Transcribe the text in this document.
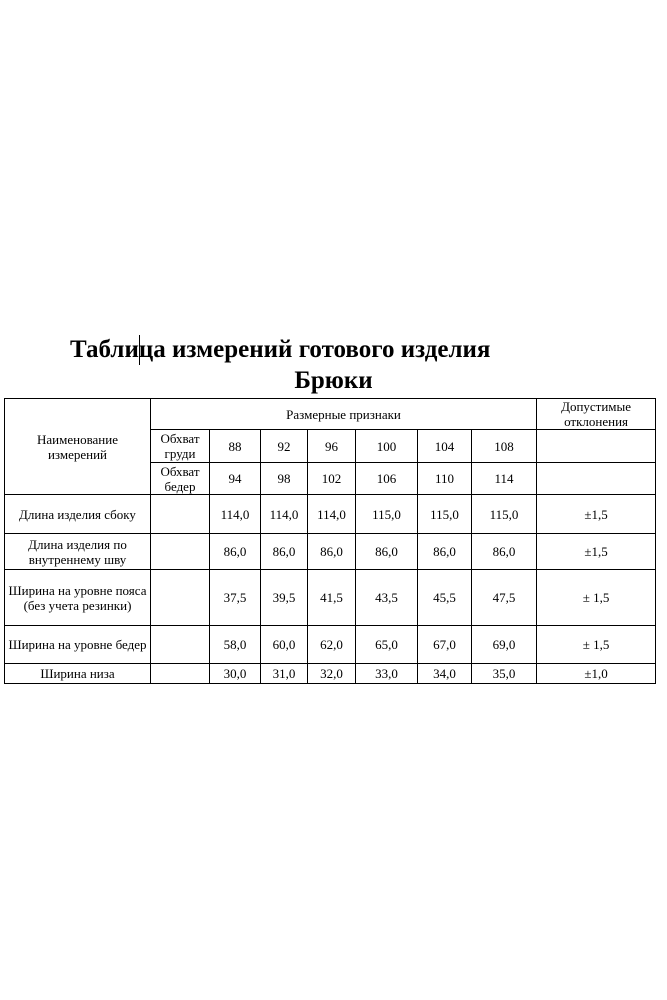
Таблица измерений готового изделия
Брюки
Наименование измерений	Размерные признаки							Допустимые отклонения
	Обхват груди	88	92	96	100	104	108	
	Обхват бедер	94	98	102	106	110	114	
Длина изделия сбоку		114,0	114,0	114,0	115,0	115,0	115,0	±1,5
Длина изделия по внутреннему шву		86,0	86,0	86,0	86,0	86,0	86,0	±1,5
Ширина на уровне пояса (без учета резинки)		37,5	39,5	41,5	43,5	45,5	47,5	± 1,5
Ширина на уровне бедер		58,0	60,0	62,0	65,0	67,0	69,0	± 1,5
Ширина низа		30,0	31,0	32,0	33,0	34,0	35,0	±1,0
